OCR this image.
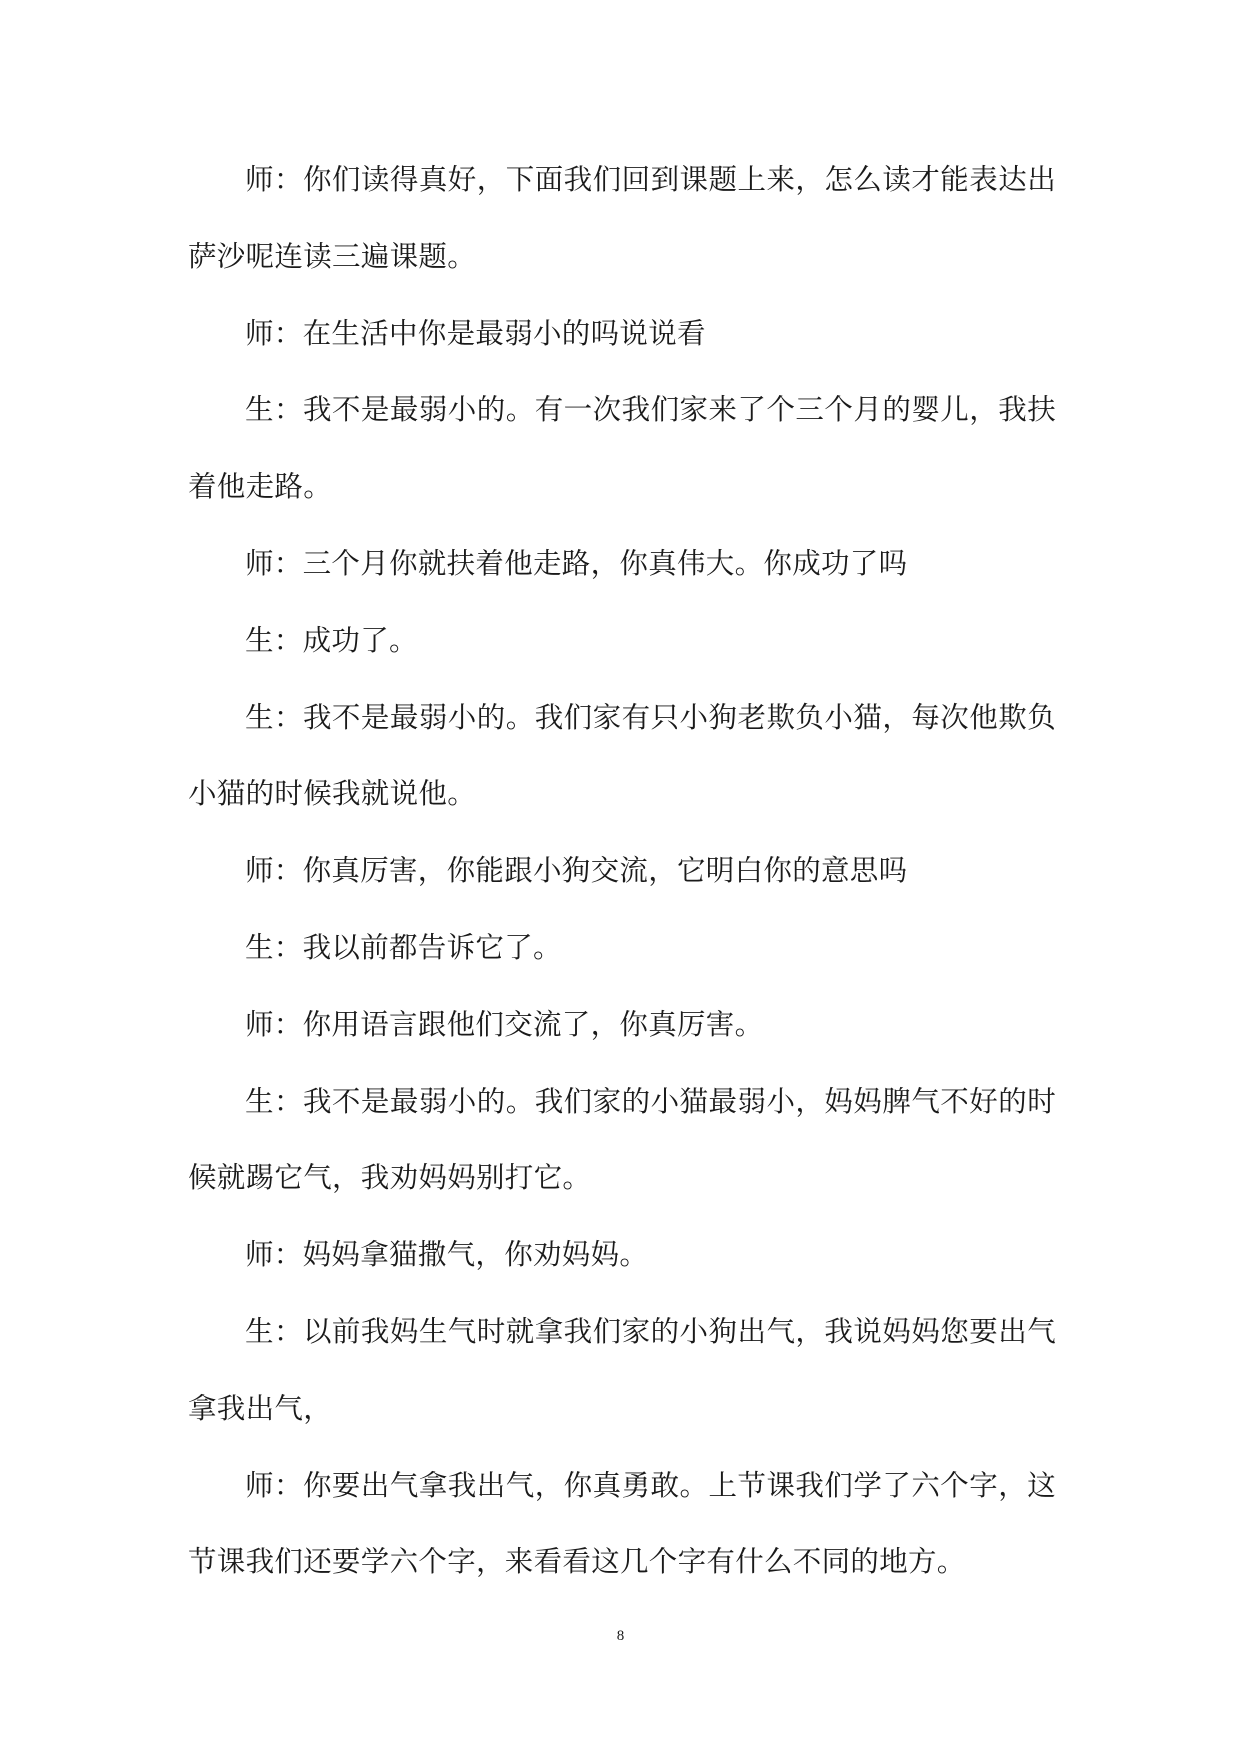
师：你们读得真好，下面我们回到课题上来，怎么读才能表达出萨沙呢连读三遍课题。

师：在生活中你是最弱小的吗说说看

生：我不是最弱小的。有一次我们家来了个三个月的婴儿，我扶着他走路。

师：三个月你就扶着他走路，你真伟大。你成功了吗

生：成功了。

生：我不是最弱小的。我们家有只小狗老欺负小猫，每次他欺负小猫的时候我就说他。

师：你真厉害，你能跟小狗交流，它明白你的意思吗

生：我以前都告诉它了。

师：你用语言跟他们交流了，你真厉害。

生：我不是最弱小的。我们家的小猫最弱小，妈妈脾气不好的时候就踢它气，我劝妈妈别打它。

师：妈妈拿猫撒气，你劝妈妈。

生：以前我妈生气时就拿我们家的小狗出气，我说妈妈您要出气拿我出气，

师：你要出气拿我出气，你真勇敢。上节课我们学了六个字，这节课我们还要学六个字，来看看这几个字有什么不同的地方。

8
